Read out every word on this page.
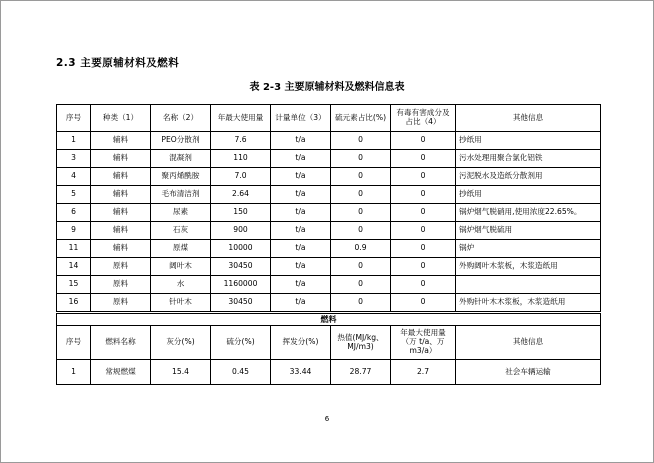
2.3 主要原辅材料及燃料
表 2-3 主要原辅材料及燃料信息表
序号	种类（1）	名称（2）	年最大使用量	计量单位（3）	硫元素占比(%)	有毒有害成分及占比（4）	其他信息
1	辅料	PEO分散剂	7.6	t/a	0	0	抄纸用
3	辅料	混凝剂	110	t/a	0	0	污水处理用聚合氯化铝铁
4	辅料	聚丙烯酰胺	7.0	t/a	0	0	污泥脱水及造纸分散剂用
5	辅料	毛布清洁剂	2.64	t/a	0	0	抄纸用
6	辅料	尿素	150	t/a	0	0	锅炉烟气脱硝用,使用浓度22.65%。
9	辅料	石灰	900	t/a	0	0	锅炉烟气脱硫用
11	辅料	原煤	10000	t/a	0.9	0	锅炉
14	原料	阔叶木	30450	t/a	0	0	外购阔叶木浆板，木浆造纸用
15	原料	水	1160000	t/a	0	0	
16	原料	针叶木	30450	t/a	0	0	外购针叶木木浆板，木浆造纸用
燃料							
序号	燃料名称	灰分(%)	硫分(%)	挥发分(%)	热值(MJ/kg、MJ/m3)	年最大使用量（万 t/a、万 m3/a）	其他信息
1	常规燃煤	15.4	0.45	33.44	28.77	2.7	社会车辆运输
6
